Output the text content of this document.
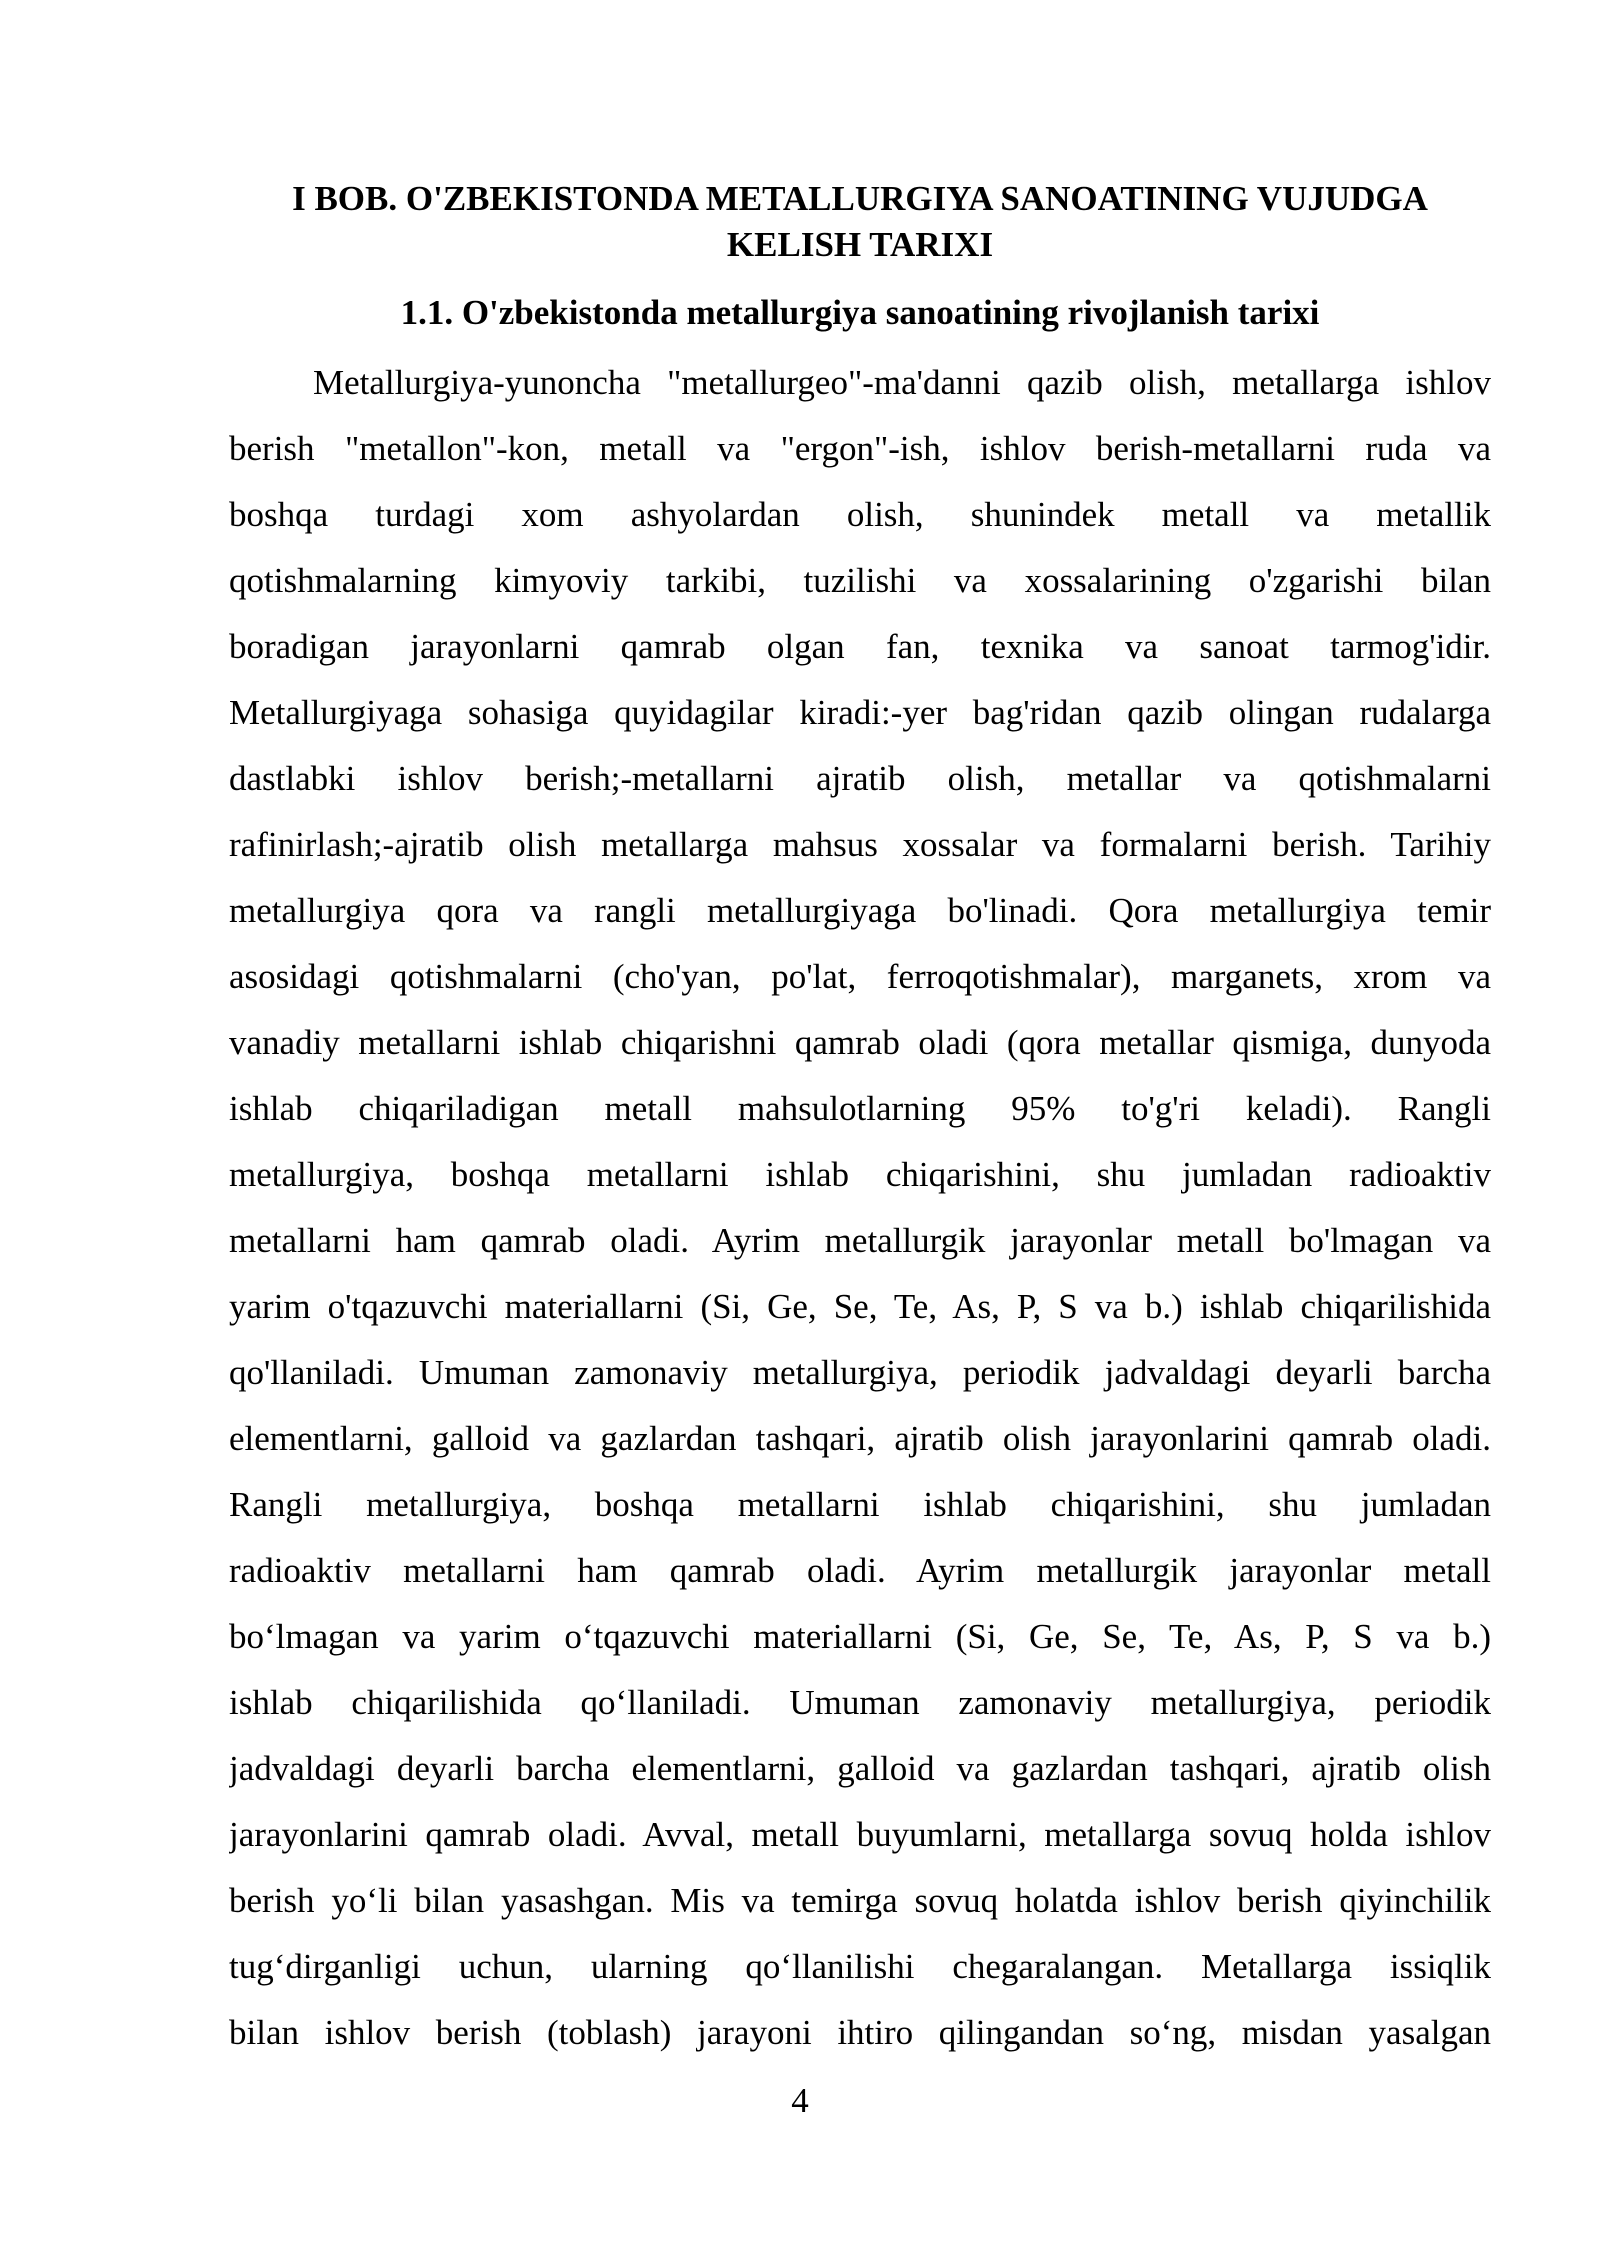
I BOB. O'ZBEKISTONDA METALLURGIYA SANOATINING VUJUDGA
KELISH TARIXI
1.1. O'zbekistonda metallurgiya sanoatining rivojlanish tarixi
Metallurgiya-yunoncha "metallurgeo"-ma'danni qazib olish, metallarga ishlov
berish "metallon"-kon, metall va "ergon"-ish, ishlov berish-metallarni ruda va
boshqa turdagi xom ashyolardan olish, shunindek metall va metallik
qotishmalarning kimyoviy tarkibi, tuzilishi va xossalarining o'zgarishi bilan
boradigan jarayonlarni qamrab olgan fan, texnika va sanoat tarmog'idir.
Metallurgiyaga sohasiga quyidagilar kiradi:-yer bag'ridan qazib olingan rudalarga
dastlabki ishlov berish;-metallarni ajratib olish, metallar va qotishmalarni
rafinirlash;-ajratib olish metallarga mahsus xossalar va formalarni berish. Tarihiy
metallurgiya qora va rangli metallurgiyaga bo'linadi. Qora metallurgiya temir
asosidagi qotishmalarni (cho'yan, po'lat, ferroqotishmalar), marganets, xrom va
vanadiy metallarni ishlab chiqarishni qamrab oladi (qora metallar qismiga, dunyoda
ishlab chiqariladigan metall mahsulotlarning 95% to'g'ri keladi). Rangli
metallurgiya, boshqa metallarni ishlab chiqarishini, shu jumladan radioaktiv
metallarni ham qamrab oladi. Ayrim metallurgik jarayonlar metall bo'lmagan va
yarim o'tqazuvchi materiallarni (Si, Ge, Se, Te, As, P, S va b.) ishlab chiqarilishida
qo'llaniladi. Umuman zamonaviy metallurgiya, periodik jadvaldagi deyarli barcha
elementlarni, galloid va gazlardan tashqari, ajratib olish jarayonlarini qamrab oladi.
Rangli metallurgiya, boshqa metallarni ishlab chiqarishini, shu jumladan
radioaktiv metallarni ham qamrab oladi. Ayrim metallurgik jarayonlar metall
bo‘lmagan va yarim o‘tqazuvchi materiallarni (Si, Ge, Se, Te, As, P, S va b.)
ishlab chiqarilishida qo‘llaniladi. Umuman zamonaviy metallurgiya, periodik
jadvaldagi deyarli barcha elementlarni, galloid va gazlardan tashqari, ajratib olish
jarayonlarini qamrab oladi. Avval, metall buyumlarni, metallarga sovuq holda ishlov
berish yo‘li bilan yasashgan. Mis va temirga sovuq holatda ishlov berish qiyinchilik
tug‘dirganligi uchun, ularning qo‘llanilishi chegaralangan. Metallarga issiqlik
bilan ishlov berish (toblash) jarayoni ihtiro qilingandan so‘ng, misdan yasalgan
4
